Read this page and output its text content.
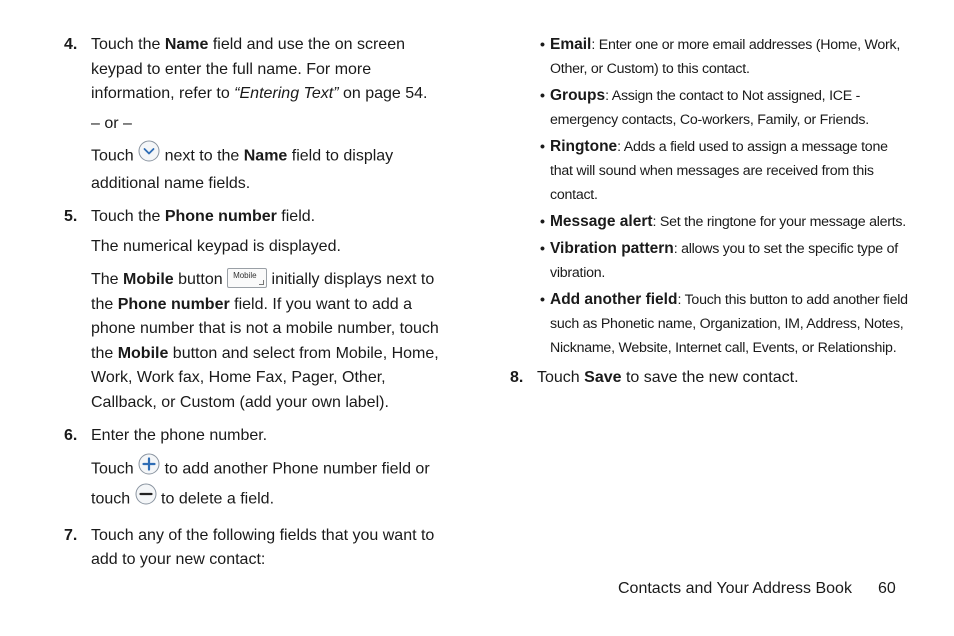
4. Touch the Name field and use the on screen keypad to enter the full name. For more information, refer to “Entering Text” on page 54.

– or –

Touch  next to the Name field to display additional name fields.

5. Touch the Phone number field.

The numerical keypad is displayed.

The Mobile button Mobile
initially displays next to the Phone number field. If you want to add a phone number that is not a mobile number, touch the Mobile button and select from Mobile, Home, Work, Work fax, Home Fax, Pager, Other, Callback, or Custom (add your own label).

6. Enter the phone number.

Touch  to add another Phone number field or touch  to delete a field.

7. Touch any of the following fields that you want to add to your new contact:

• Email: Enter one or more email addresses (Home, Work, Other, or Custom) to this contact.
• Groups: Assign the contact to Not assigned, ICE - emergency contacts, Co-workers, Family, or Friends.
• Ringtone: Adds a field used to assign a message tone that will sound when messages are received from this contact.
• Message alert: Set the ringtone for your message alerts.
• Vibration pattern: allows you to set the specific type of vibration.
• Add another field: Touch this button to add another field such as Phonetic name, Organization, IM, Address, Notes, Nickname, Website, Internet call, Events, or Relationship.
8. Touch Save to save the new contact.

Contacts and Your Address Book 60
